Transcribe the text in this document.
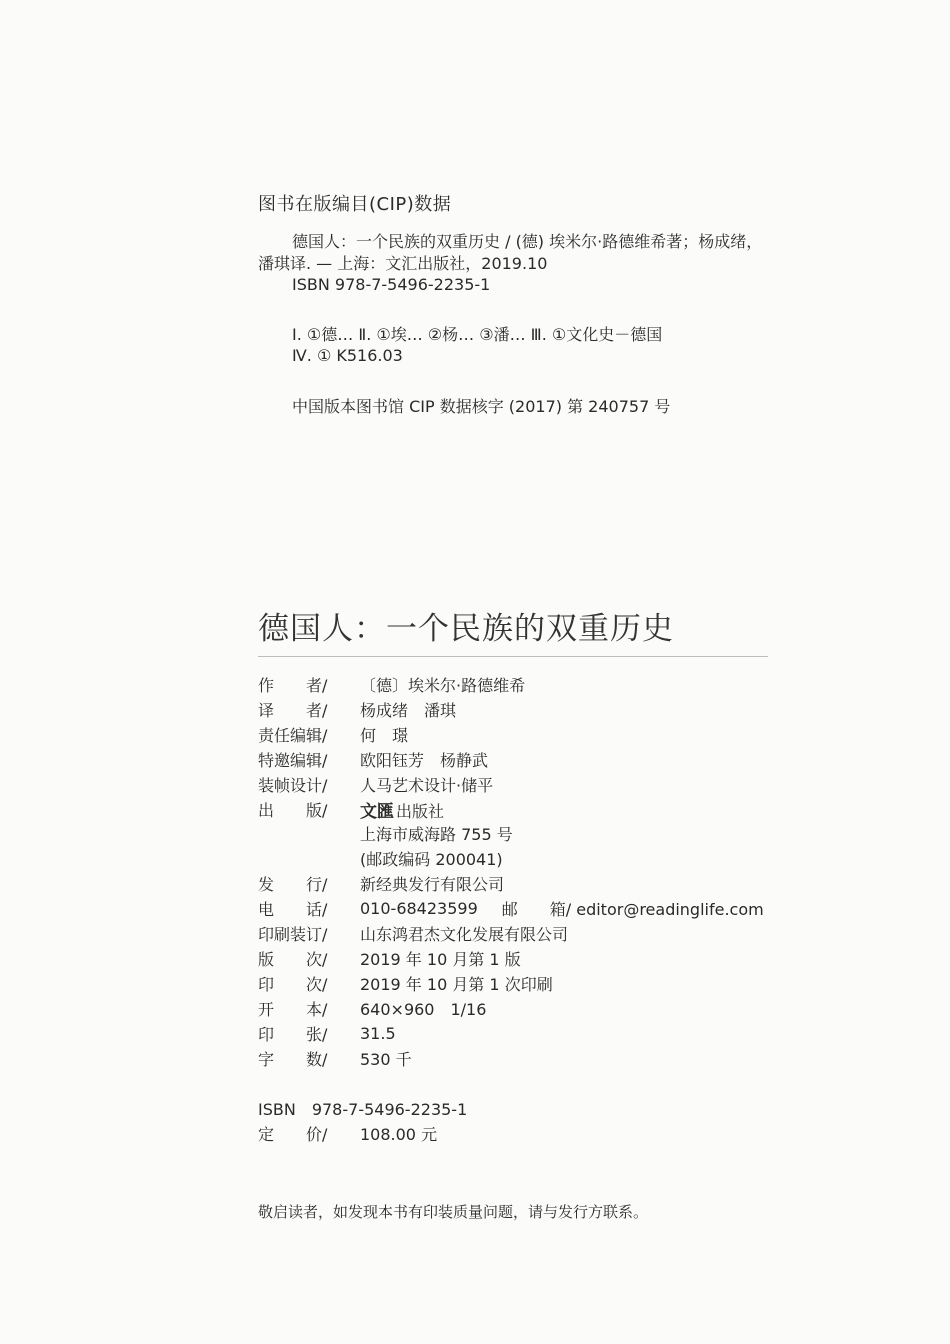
图书在版编目(CIP)数据
德国人：一个民族的双重历史 / (德) 埃米尔·路德维希著；杨成绪，
潘琪译. — 上海：文汇出版社，2019.10
ISBN 978-7-5496-2235-1
Ⅰ. ①德… Ⅱ. ①埃… ②杨… ③潘… Ⅲ. ①文化史－德国
Ⅳ. ① K516.03
中国版本图书馆 CIP 数据核字 (2017) 第 240757 号
德国人：一个民族的双重历史
作　　者/	〔德〕埃米尔·路德维希
译　　者/	杨成绪　潘琪
责任编辑/	何　璟
特邀编辑/	欧阳钰芳　杨静武
装帧设计/	人马艺术设计·储平
出　　版/	文匯 出版社
上海市威海路 755 号
(邮政编码 200041)
发　　行/	新经典发行有限公司
电　　话/	010-68423599 邮　　箱/ editor@readinglife.com
印刷装订/	山东鸿君杰文化发展有限公司
版　　次/	2019 年 10 月第 1 版
印　　次/	2019 年 10 月第 1 次印刷
开　　本/	640×960　1/16
印　　张/	31.5
字　　数/	530 千
ISBN　978-7-5496-2235-1
定　　价/	108.00 元
敬启读者，如发现本书有印装质量问题，请与发行方联系。
